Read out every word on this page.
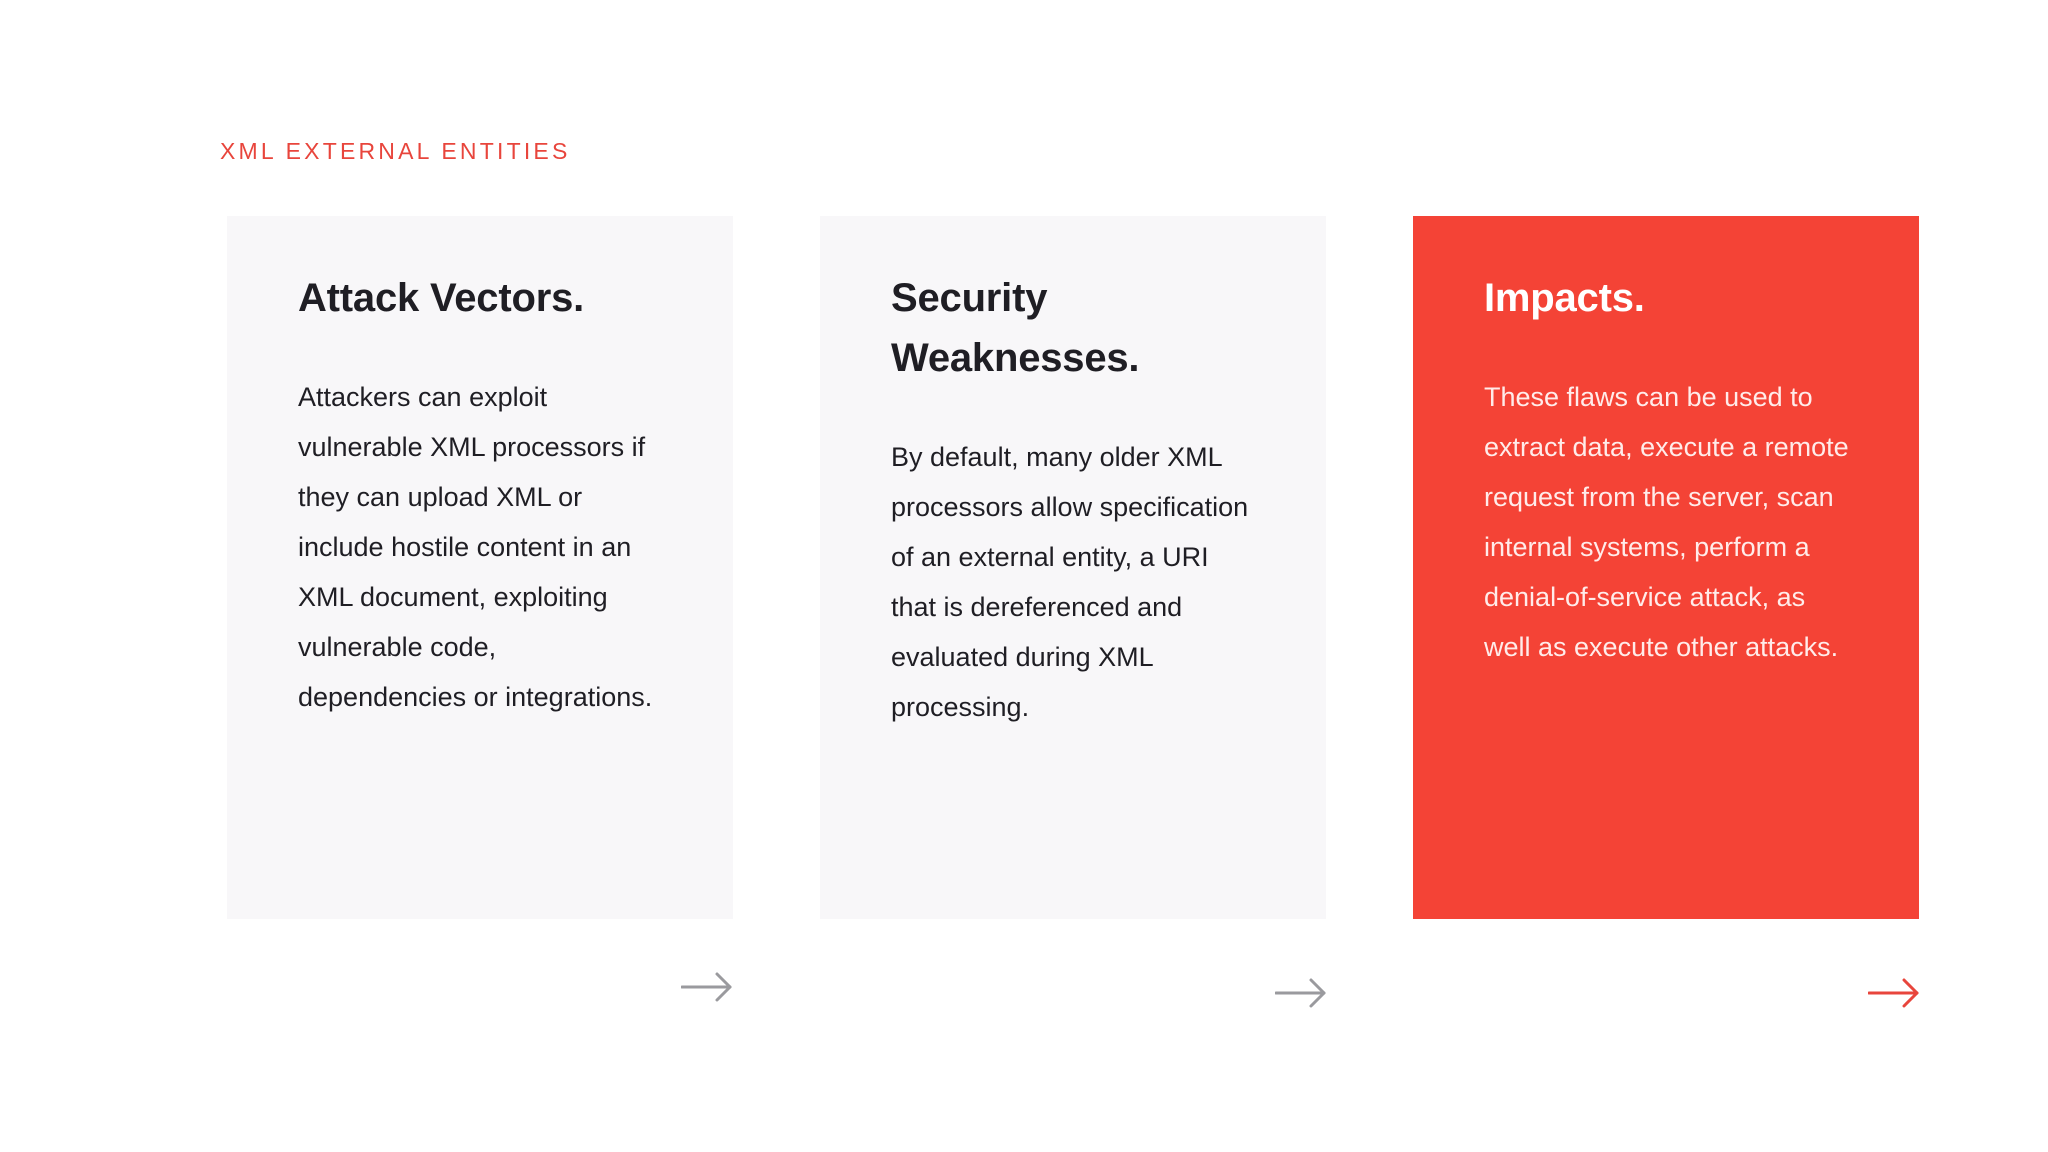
XML EXTERNAL ENTITIES
Attack Vectors.

Attackers can exploit vulnerable XML processors if they can upload XML or include hostile content in an XML document, exploiting vulnerable code, dependencies or integrations.

Security Weaknesses.

By default, many older XML processors allow specification of an external entity, a URI that is dereferenced and evaluated during XML processing.

Impacts.

These flaws can be used to extract data, execute a remote request from the server, scan internal systems, perform a denial-of-service attack, as well as execute other attacks.
